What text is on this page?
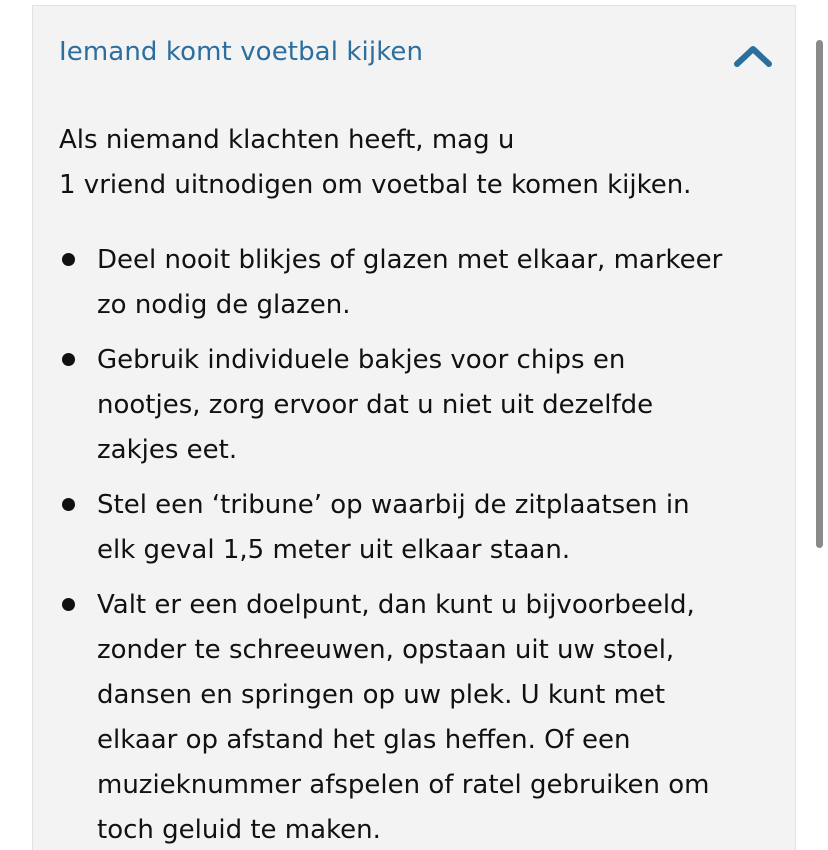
Iemand komt voetbal kijken

Als niemand klachten heeft, mag u
1 vriend uitnodigen om voetbal te komen kijken.

Deel nooit blikjes of glazen met elkaar, markeer
zo nodig de glazen.
Gebruik individuele bakjes voor chips en
nootjes, zorg ervoor dat u niet uit dezelfde
zakjes eet.
Stel een ‘tribune’ op waarbij de zitplaatsen in
elk geval 1,5 meter uit elkaar staan.
Valt er een doelpunt, dan kunt u bijvoorbeeld,
zonder te schreeuwen, opstaan uit uw stoel,
dansen en springen op uw plek. U kunt met
elkaar op afstand het glas heffen. Of een
muzieknummer afspelen of ratel gebruiken om
toch geluid te maken.
